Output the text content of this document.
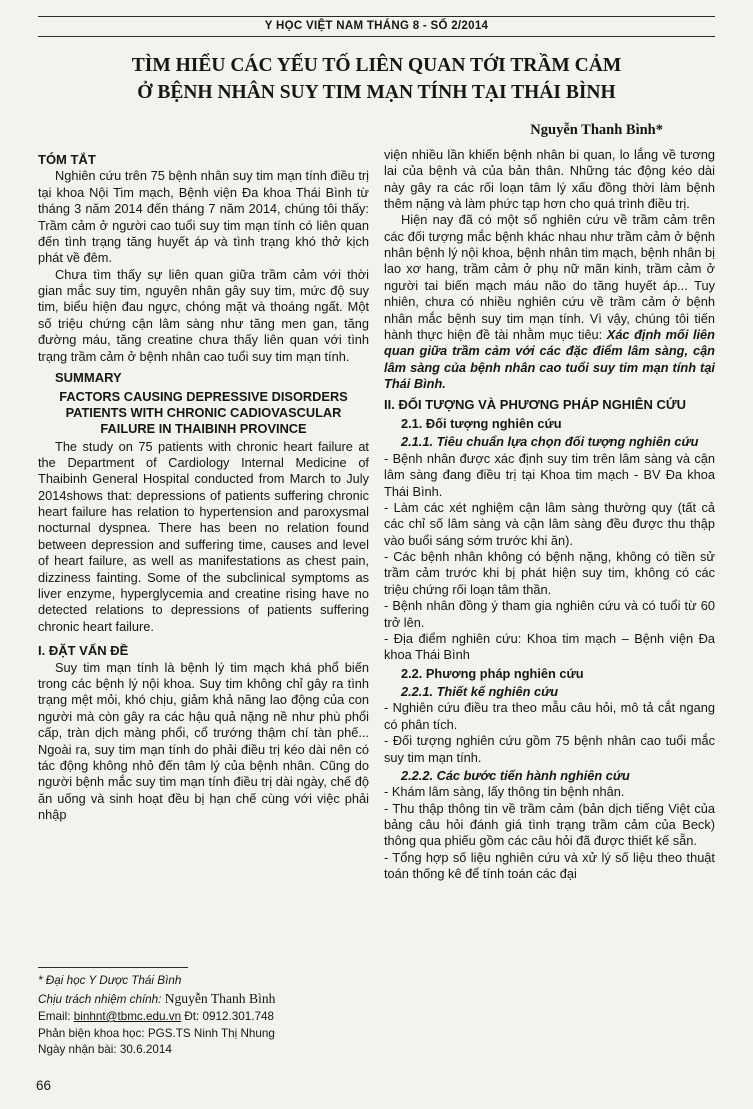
Y HỌC VIỆT NAM THÁNG 8 - SỐ 2/2014
TÌM HIỂU CÁC YẾU TỐ LIÊN QUAN TỚI TRẦM CẢM
Ở BỆNH NHÂN SUY TIM MẠN TÍNH TẠI THÁI BÌNH
Nguyễn Thanh Bình*

TÓM TẮT

Nghiên cứu trên 75 bệnh nhân suy tim mạn tính điều trị tại khoa Nội Tim mạch, Bệnh viện Đa khoa Thái Bình từ tháng 3 năm 2014 đến tháng 7 năm 2014, chúng tôi thấy: Trầm cảm ở người cao tuổi suy tim mạn tính có liên quan đến tình trạng tăng huyết áp và tình trạng khó thở kịch phát về đêm.

Chưa tìm thấy sự liên quan giữa trầm cảm với thời gian mắc suy tim, nguyên nhân gây suy tim, mức độ suy tim, biểu hiện đau ngực, chóng mặt và thoáng ngất. Một số triệu chứng cận lâm sàng như tăng men gan, tăng đường máu, tăng creatine chưa thấy liên quan với tình trạng trầm cảm ở bệnh nhân cao tuổi suy tim mạn tính.

SUMMARY

FACTORS CAUSING DEPRESSIVE DISORDERS PATIENTS WITH CHRONIC CADIOVASCULAR FAILURE IN THAIBINH PROVINCE

The study on 75 patients with chronic heart failure at the Department of Cardiology Internal Medicine of Thaibinh General Hospital conducted from March to July 2014shows that: depressions of patients suffering chronic heart failure has relation to hypertension and paroxysmal nocturnal dyspnea. There has been no relation found between depression and suffering time, causes and level of heart failure, as well as manifestations as chest pain, dizziness fainting. Some of the subclinical symptoms as liver enzyme, hyperglycemia and creatine rising have no detected relations to depressions of patients suffering chronic heart failure.

I. ĐẶT VẤN ĐỀ

Suy tim mạn tính là bệnh lý tim mạch khá phổ biến trong các bệnh lý nội khoa. Suy tim không chỉ gây ra tình trạng mệt mỏi, khó chịu, giảm khả năng lao động của con người mà còn gây ra các hậu quả nặng nề như phù phổi cấp, tràn dịch màng phổi, cổ trướng thậm chí tàn phế... Ngoài ra, suy tim mạn tính do phải điều trị kéo dài nên có tác động không nhỏ đến tâm lý của bệnh nhân. Cũng do người bệnh mắc suy tim mạn tính điều trị dài ngày, chế độ ăn uống và sinh hoạt đều bị hạn chế cùng với việc phải nhập

* Đại học Y Dược Thái Bình
Chịu trách nhiệm chính: Nguyễn Thanh Bình
Email: binhnt@tbmc.edu.vn Đt: 0912.301.748
Phản biện khoa học: PGS.TS Ninh Thị Nhung
Ngày nhận bài: 30.6.2014

viện nhiều lần khiến bệnh nhân bi quan, lo lắng về tương lai của bệnh và của bản thân. Những tác động kéo dài này gây ra các rối loạn tâm lý xấu đồng thời làm bệnh thêm nặng và làm phức tạp hơn cho quá trình điều trị.

Hiện nay đã có một số nghiên cứu về trầm cảm trên các đối tượng mắc bệnh khác nhau như trầm cảm ở bệnh nhân bệnh lý nội khoa, bệnh nhân tim mạch, bệnh nhân bị lao xơ hang, trầm cảm ở phụ nữ mãn kinh, trầm cảm ở người tai biến mạch máu não do tăng huyết áp... Tuy nhiên, chưa có nhiều nghiên cứu về trầm cảm ở bệnh nhân mắc bệnh suy tim mạn tính. Vì vậy, chúng tôi tiến hành thực hiện đề tài nhằm mục tiêu: Xác định mối liên quan giữa trầm cảm với các đặc điểm lâm sàng, cận lâm sàng của bệnh nhân cao tuổi suy tim mạn tính tại Thái Bình.

II. ĐỐI TƯỢNG VÀ PHƯƠNG PHÁP NGHIÊN CỨU

2.1. Đối tượng nghiên cứu

2.1.1. Tiêu chuẩn lựa chọn đối tượng nghiên cứu

- Bệnh nhân được xác định suy tim trên lâm sàng và cận lâm sàng đang điều trị tại Khoa tim mạch - BV Đa khoa Thái Bình.

- Làm các xét nghiệm cận lâm sàng thường quy (tất cả các chỉ số lâm sàng và cận lâm sàng đều được thu thập vào buổi sáng sớm trước khi ăn).

- Các bệnh nhân không có bệnh nặng, không có tiền sử trầm cảm trước khi bị phát hiện suy tim, không có các triệu chứng rối loạn tâm thần.

- Bệnh nhân đồng ý tham gia nghiên cứu và có tuổi từ 60 trở lên.

- Địa điểm nghiên cứu: Khoa tim mạch – Bệnh viện Đa khoa Thái Bình

2.2. Phương pháp nghiên cứu

2.2.1. Thiết kế nghiên cứu

- Nghiên cứu điều tra theo mẫu câu hỏi, mô tả cắt ngang có phân tích.

- Đối tượng nghiên cứu gồm 75 bệnh nhân cao tuổi mắc suy tim mạn tính.

2.2.2. Các bước tiến hành nghiên cứu

- Khám lâm sàng, lấy thông tin bệnh nhân.

- Thu thập thông tin về trầm cảm (bản dịch tiếng Việt của bảng câu hỏi đánh giá tình trạng trầm cảm của Beck) thông qua phiếu gồm các câu hỏi đã được thiết kế sẵn.

- Tổng hợp số liệu nghiên cứu và xử lý số liệu theo thuật toán thống kê để tính toán các đại

66
